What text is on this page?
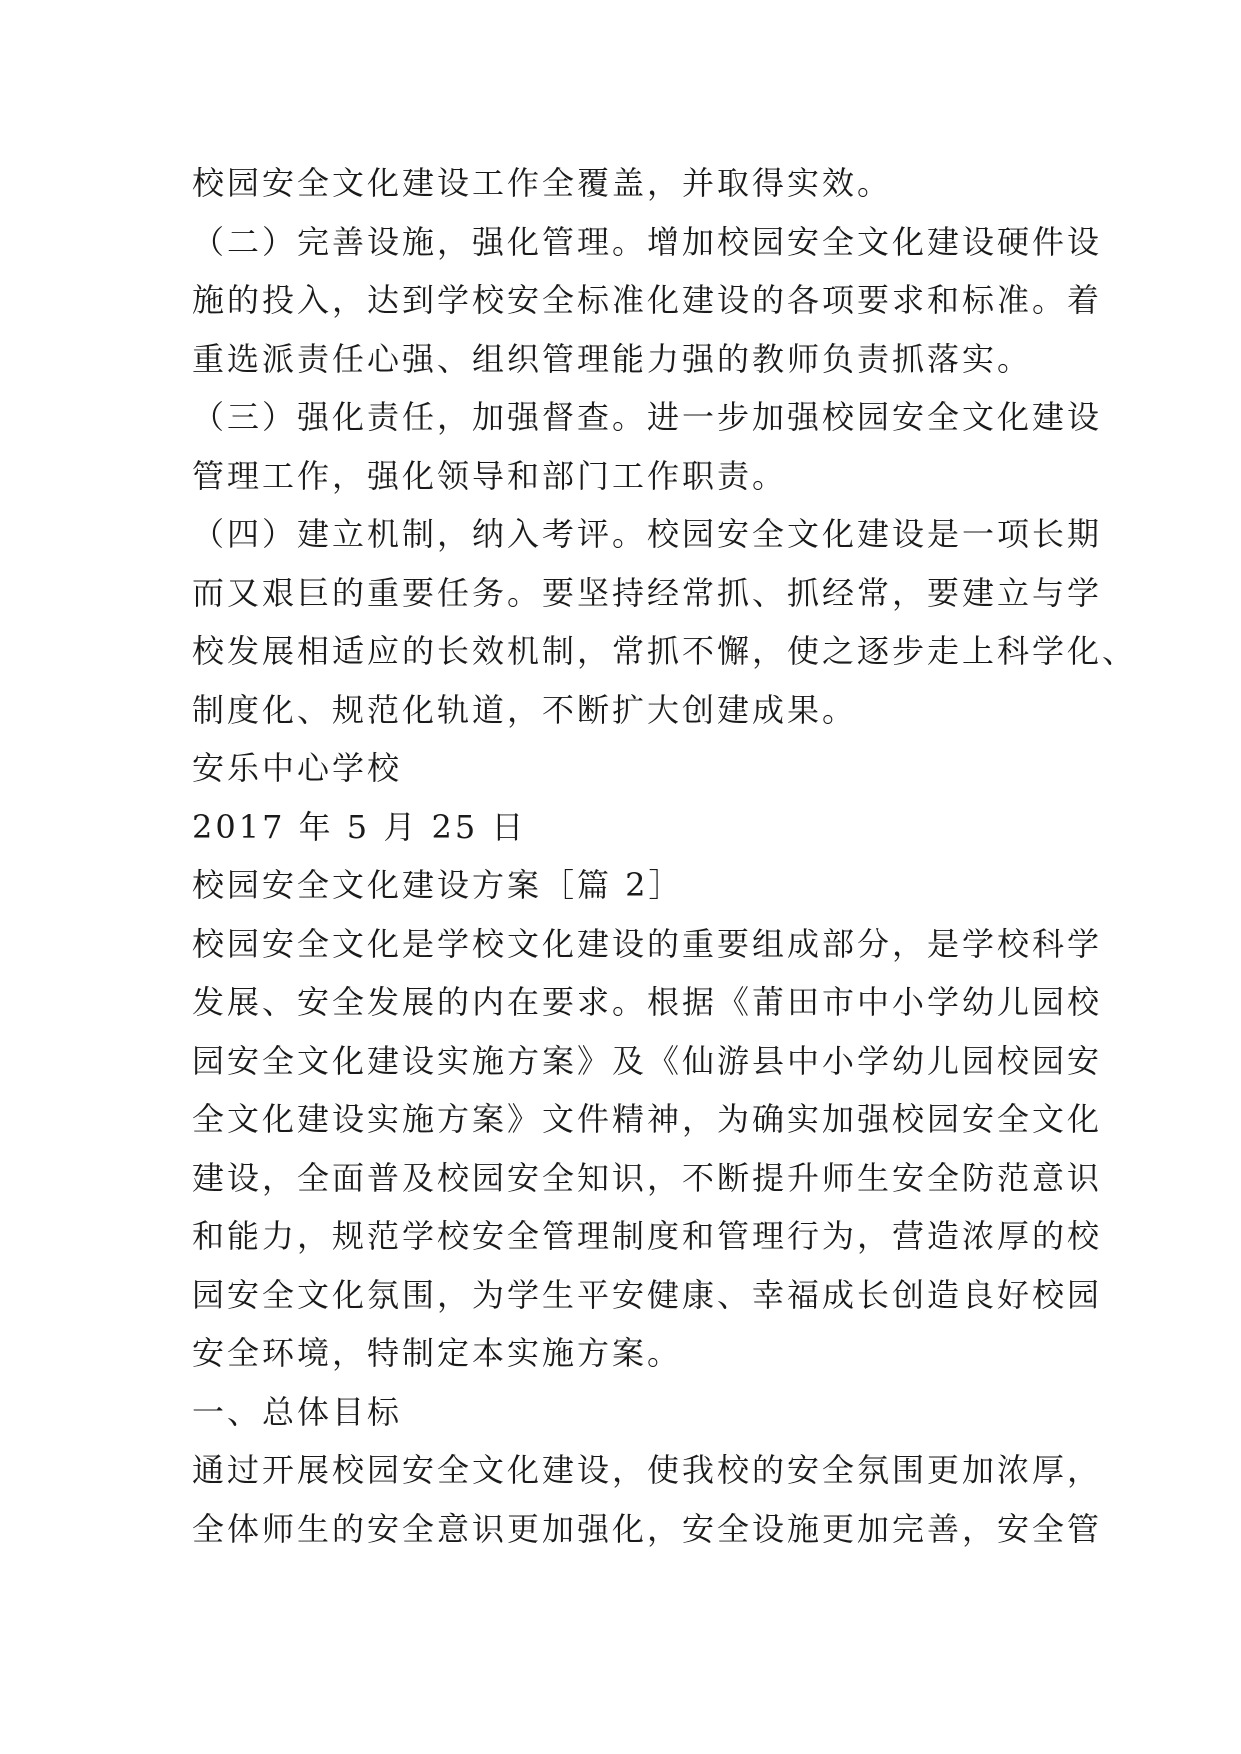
校园安全文化建设工作全覆盖，并取得实效。
（二）完善设施，强化管理。增加校园安全文化建设硬件设
施的投入，达到学校安全标准化建设的各项要求和标准。着
重选派责任心强、组织管理能力强的教师负责抓落实。
（三）强化责任，加强督查。进一步加强校园安全文化建设
管理工作，强化领导和部门工作职责。
（四）建立机制，纳入考评。校园安全文化建设是一项长期
而又艰巨的重要任务。要坚持经常抓、抓经常，要建立与学
校发展相适应的长效机制，常抓不懈，使之逐步走上科学化、
制度化、规范化轨道，不断扩大创建成果。
安乐中心学校
2017 年 5 月 25 日
校园安全文化建设方案［篇 2］
校园安全文化是学校文化建设的重要组成部分，是学校科学
发展、安全发展的内在要求。根据《莆田市中小学幼儿园校
园安全文化建设实施方案》及《仙游县中小学幼儿园校园安
全文化建设实施方案》文件精神，为确实加强校园安全文化
建设，全面普及校园安全知识，不断提升师生安全防范意识
和能力，规范学校安全管理制度和管理行为，营造浓厚的校
园安全文化氛围，为学生平安健康、幸福成长创造良好校园
安全环境，特制定本实施方案。
一、总体目标
通过开展校园安全文化建设，使我校的安全氛围更加浓厚，
全体师生的安全意识更加强化，安全设施更加完善，安全管
